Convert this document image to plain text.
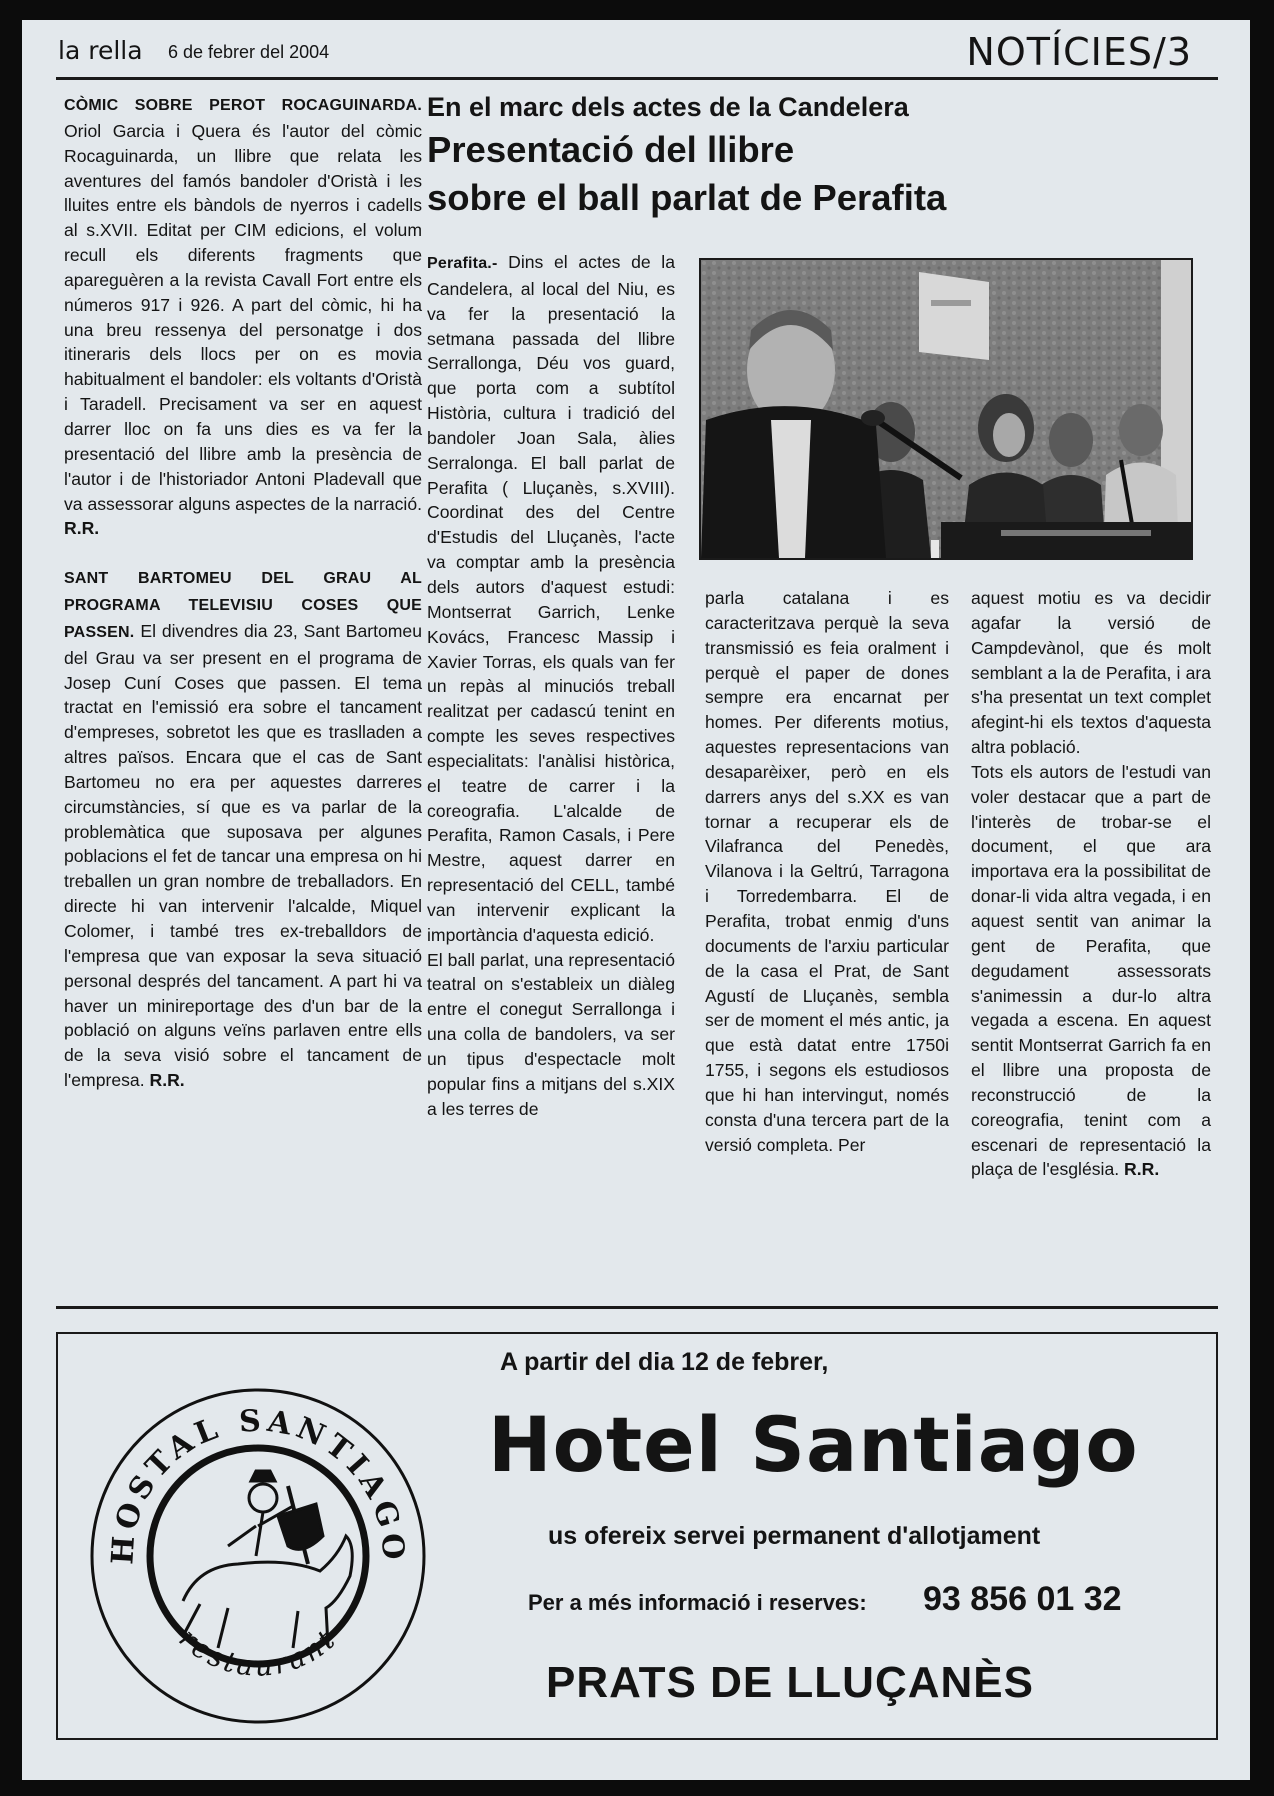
la rella 6 de febrer del 2004	NOTÍCIES/3

CÒMIC SOBRE PEROT ROCAGUINARDA. Oriol Garcia i Quera és l'autor del còmic Rocaguinarda, un llibre que relata les aventures del famós bandoler d'Oristà i les lluites entre els bàndols de nyerros i cadells al s.XVII. Editat per CIM edicions, el volum recull els diferents fragments que apareguèren a la revista Cavall Fort entre els números 917 i 926. A part del còmic, hi ha una breu ressenya del personatge i dos itineraris dels llocs per on es movia habitualment el bandoler: els voltants d'Oristà i Taradell. Precisament va ser en aquest darrer lloc on fa uns dies es va fer la presentació del llibre amb la presència de l'autor i de l'historiador Antoni Pladevall que va assessorar alguns aspectes de la narració. R.R.

SANT BARTOMEU DEL GRAU AL PROGRAMA TELEVISIU COSES QUE PASSEN. El divendres dia 23, Sant Bartomeu del Grau va ser present en el programa de Josep Cuní Coses que passen. El tema tractat en l'emissió era sobre el tancament d'empreses, sobretot les que es traslladen a altres països. Encara que el cas de Sant Bartomeu no era per aquestes darreres circumstàncies, sí que es va parlar de la problemàtica que suposava per algunes poblacions el fet de tancar una empresa on hi treballen un gran nombre de treballadors. En directe hi van intervenir l'alcalde, Miquel Colomer, i també tres ex-treballdors de l'empresa que van exposar la seva situació personal després del tancament. A part hi va haver un minireportage des d'un bar de la població on alguns veïns parlaven entre ells de la seva visió sobre el tancament de l'empresa. R.R.

En el marc dels actes de la Candelera
Presentació del llibre
sobre el ball parlat de Perafita

Perafita.- Dins el actes de la Candelera, al local del Niu, es va fer la presentació la setmana passada del llibre Serrallonga, Déu vos guard, que porta com a subtítol Història, cultura i tradició del bandoler Joan Sala, àlies Serralonga. El ball parlat de Perafita ( Lluçanès, s.XVIII). Coordinat des del Centre d'Estudis del Lluçanès, l'acte va comptar amb la presència dels autors d'aquest estudi: Montserrat Garrich, Lenke Kovács, Francesc Massip i Xavier Torras, els quals van fer un repàs al minuciós treball realitzat per cadascú tenint en compte les seves respectives especialitats: l'anàlisi històrica, el teatre de carrer i la coreografia. L'alcalde de Perafita, Ramon Casals, i Pere Mestre, aquest darrer en representació del CELL, també van intervenir explicant la importància d'aquesta edició.

El ball parlat, una representació teatral on s'estableix un diàleg entre el conegut Serrallonga i una colla de bandolers, va ser un tipus d'espectacle molt popular fins a mitjans del s.XIX a les terres de

parla catalana i es caracteritzava perquè la seva transmissió es feia oralment i perquè el paper de dones sempre era encarnat per homes. Per diferents motius, aquestes representacions van desaparèixer, però en els darrers anys del s.XX es van tornar a recuperar els de Vilafranca del Penedès, Vilanova i la Geltrú, Tarragona i Torredembarra. El de Perafita, trobat enmig d'uns documents de l'arxiu particular de la casa el Prat, de Sant Agustí de Lluçanès, sembla ser de moment el més antic, ja que està datat entre 1750i 1755, i segons els estudiosos que hi han intervingut, només consta d'una tercera part de la versió completa. Per

aquest motiu es va decidir agafar la versió de Campdevànol, que és molt semblant a la de Perafita, i ara s'ha presentat un text complet afegint-hi els textos d'aquesta altra població.

Tots els autors de l'estudi van voler destacar que a part de l'interès de trobar-se el document, el que ara importava era la possibilitat de donar-li vida altra vegada, i en aquest sentit van animar la gent de Perafita, que degudament assessorats s'animessin a dur-lo altra vegada a escena. En aquest sentit Montserrat Garrich fa en el llibre una proposta de reconstrucció de la coreografia, tenint com a escenari de representació la plaça de l'església. R.R.

HOSTAL SANTIAGO
restaurant
A partir del dia 12 de febrer,
Hotel Santiago
us ofereix servei permanent d'allotjament
Per a més informació i reserves: 93 856 01 32
PRATS DE LLUÇANÈS
